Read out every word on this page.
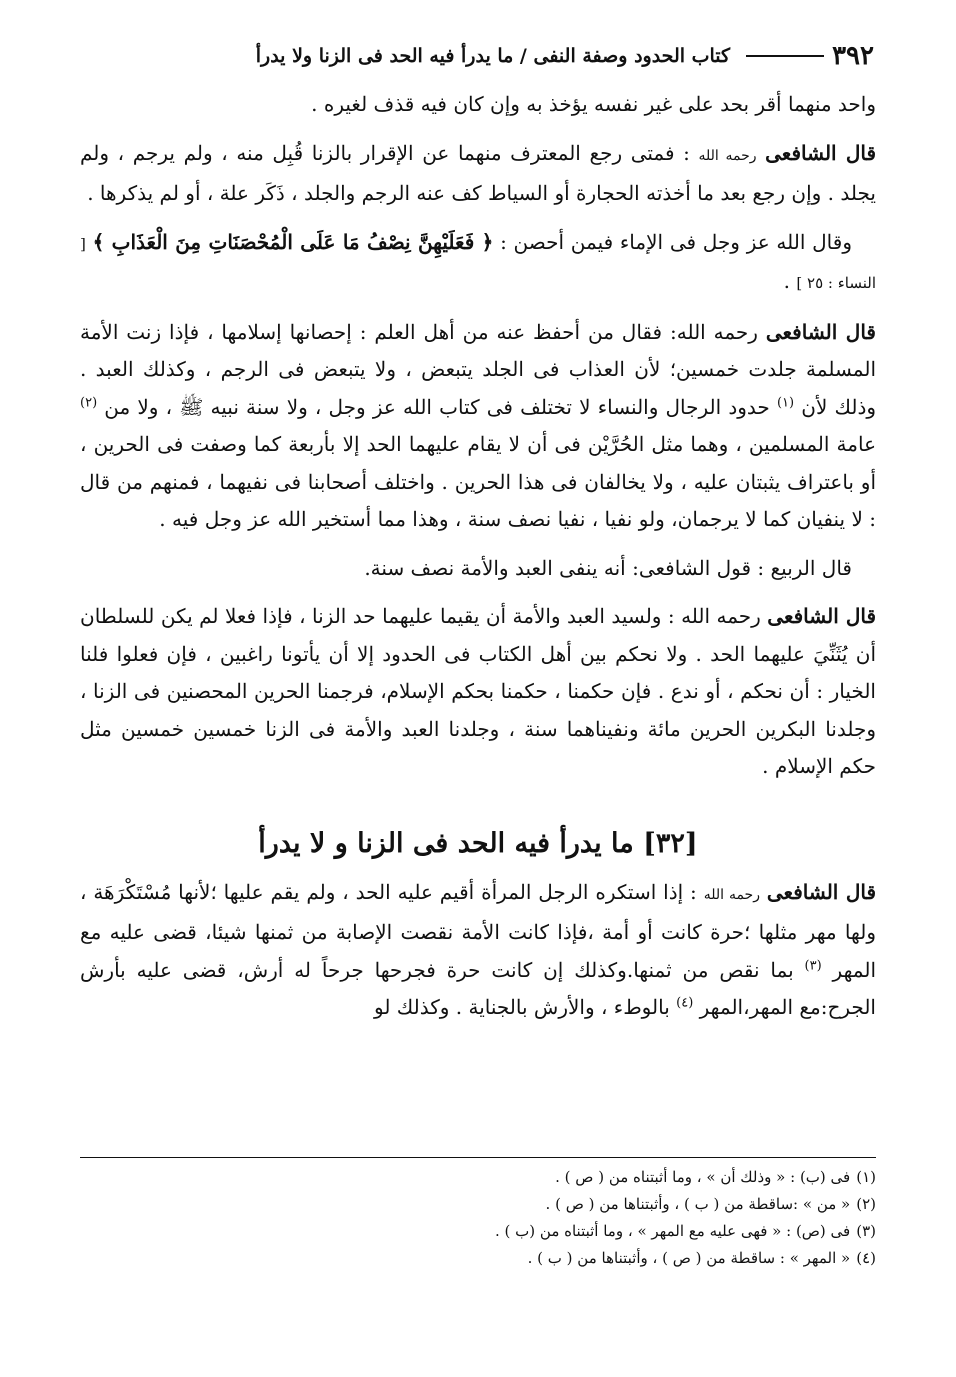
٣٩٢
كتاب الحدود وصفة النفى / ما يدرأ فيه الحد فى الزنا ولا يدرأ

واحد منهما أقر بحد على غير نفسه يؤخذ به وإن كان فيه قذف لغيره .

قال الشافعى رحمه الله : فمتى رجع المعترف منهما عن الإقرار بالزنا قُبِل منه ، ولم يرجم ، ولم يجلد . وإن رجع بعد ما أخذته الحجارة أو السياط كف عنه الرجم والجلد ، ذَكَر علة ، أو لم يذكرها .

وقال الله عز وجل فى الإماء فيمن أحصن : ﴿ فَعَلَيْهِنَّ نِصْفُ مَا عَلَى الْمُحْصَنَاتِ مِنَ الْعَذَابِ ﴾ [ النساء : ٢٥ ] .

قال الشافعى رحمه الله: فقال من أحفظ عنه من أهل العلم : إحصانها إسلامها ، فإذا زنت الأمة المسلمة جلدت خمسين؛ لأن العذاب فى الجلد يتبعض ، ولا يتبعض فى الرجم ، وكذلك العبد . وذلك لأن $^{(١)}$ حدود الرجال والنساء لا تختلف فى كتاب الله عز وجل ، ولا سنة نبيه ﷺ ، ولا من $^{(٢)}$ عامة المسلمين ، وهما مثل الحُرَّيْن فى أن لا يقام عليهما الحد إلا بأربعة كما وصفت فى الحرين ، أو باعتراف يثبتان عليه ، ولا يخالفان فى هذا الحرين . واختلف أصحابنا فى نفيهما ، فمنهم من قال : لا ينفيان كما لا يرجمان، ولو نفيا ، نفيا نصف سنة ، وهذا مما أستخير الله عز وجل فيه .

قال الربيع : قول الشافعى: أنه ينفى العبد والأمة نصف سنة.

قال الشافعى رحمه الله : ولسيد العبد والأمة أن يقيما عليهما حد الزنا ، فإذا فعلا لم يكن للسلطان أن يُثَنِّيَ عليهما الحد . ولا نحكم بين أهل الكتاب فى الحدود إلا أن يأتونا راغبين ، فإن فعلوا فلنا الخيار : أن نحكم ، أو ندع . فإن حكمنا ، حكمنا بحكم الإسلام، فرجمنا الحرين المحصنين فى الزنا ، وجلدنا البكرين الحرين مائة ونفيناهما سنة ، وجلدنا العبد والأمة فى الزنا خمسين خمسين مثل حكم الإسلام .

[٣٢] ما يدرأ فيه الحد فى الزنا و لا يدرأ

قال الشافعى رحمه الله : إذا استكره الرجل المرأة أقيم عليه الحد ، ولم يقم عليها ؛لأنها مُسْتَكْرَهَة ، ولها مهر مثلها ؛حرة كانت أو أمة ،فإذا كانت الأمة نقصت الإصابة من ثمنها شيئا، قضى عليه مع المهر $^{(٣)}$ بما نقص من ثمنها.وكذلك إن كانت حرة فجرحها جرحاً له أرش، قضى عليه بأرش الجرح:مع المهر،المهر $^{(٤)}$ بالوطء ، والأرش بالجناية . وكذلك لو

(١)
فى (ب) : « وذلك أن » ، وما أثبتناه من ( ص ) .
(٢)
« من » :ساقطة من ( ب ) ، وأثبتناها من ( ص ) .
(٣)
فى (ص) : « فهى عليه مع المهر » ، وما أثبتناه من (ب ) .
(٤)
« المهر » : ساقطة من ( ص ) ، وأثبتناها من ( ب ) .
